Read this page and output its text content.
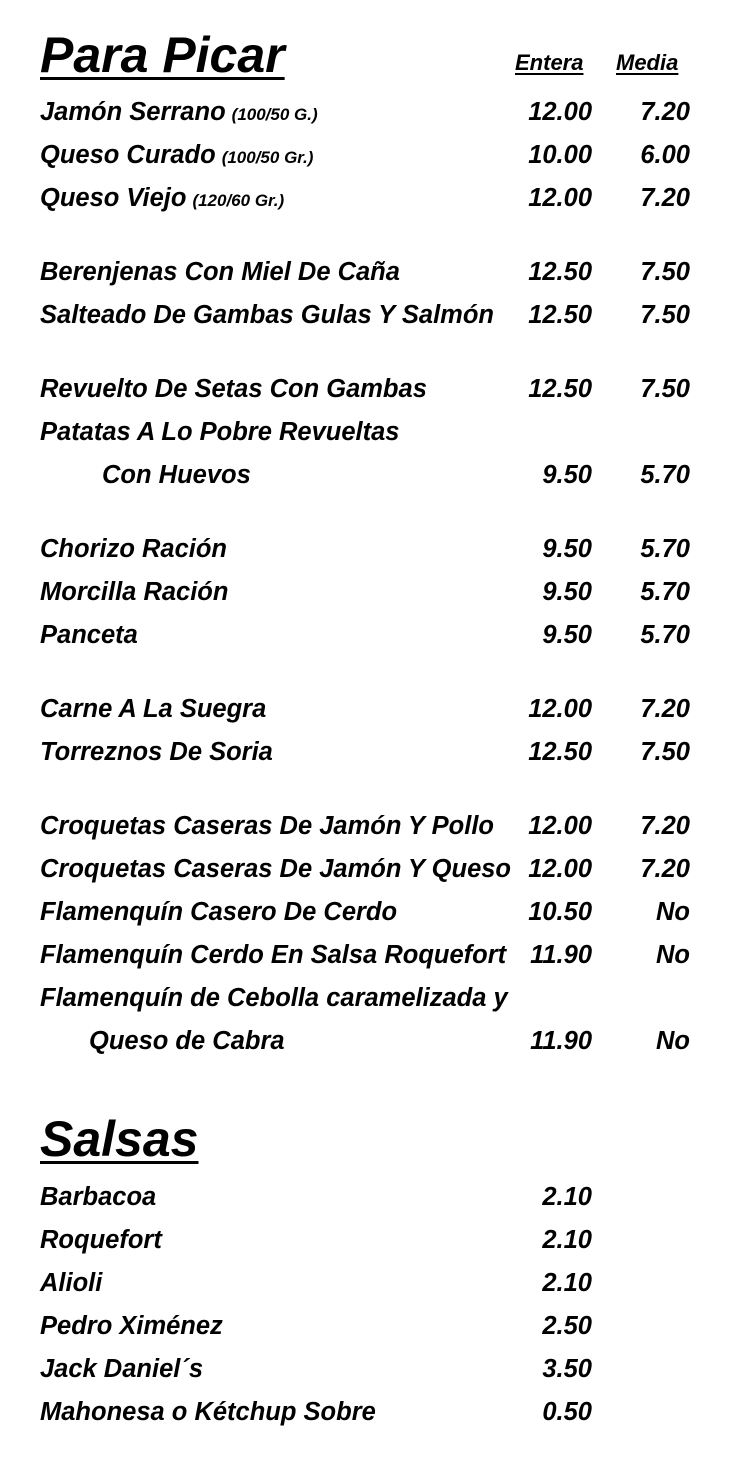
Para Picar	Entera Media
Jamón Serrano (100/50 G.)	12.00 7.20
Queso Curado (100/50 Gr.)	10.00 6.00
Queso Viejo (120/60 Gr.)	12.00 7.20
Berenjenas Con Miel De Caña	12.50 7.50
Salteado De Gambas Gulas Y Salmón 12.50 7.50
Revuelto De Setas Con Gambas	12.50 7.50
Patatas A Lo Pobre Revueltas
Con Huevos	9.50 5.70
Chorizo Ración	9.50 5.70
Morcilla Ración	9.50 5.70
Panceta	9.50 5.70
Carne A La Suegra	12.00 7.20
Torreznos De Soria	12.50 7.50
Croquetas Caseras De Jamón Y Pollo 12.00 7.20
Croquetas Caseras De Jamón Y Queso 12.00 7.20
Flamenquín Casero De Cerdo	10.50	No
Flamenquín Cerdo En Salsa Roquefort 11.90	No
Flamenquín de Cebolla caramelizada y
Queso de Cabra	11.90	No
Salsas
Barbacoa	2.10
Roquefort	2.10
Alioli	2.10
Pedro Ximénez	2.50
Jack Daniel´s	3.50
Mahonesa o Kétchup Sobre	0.50
